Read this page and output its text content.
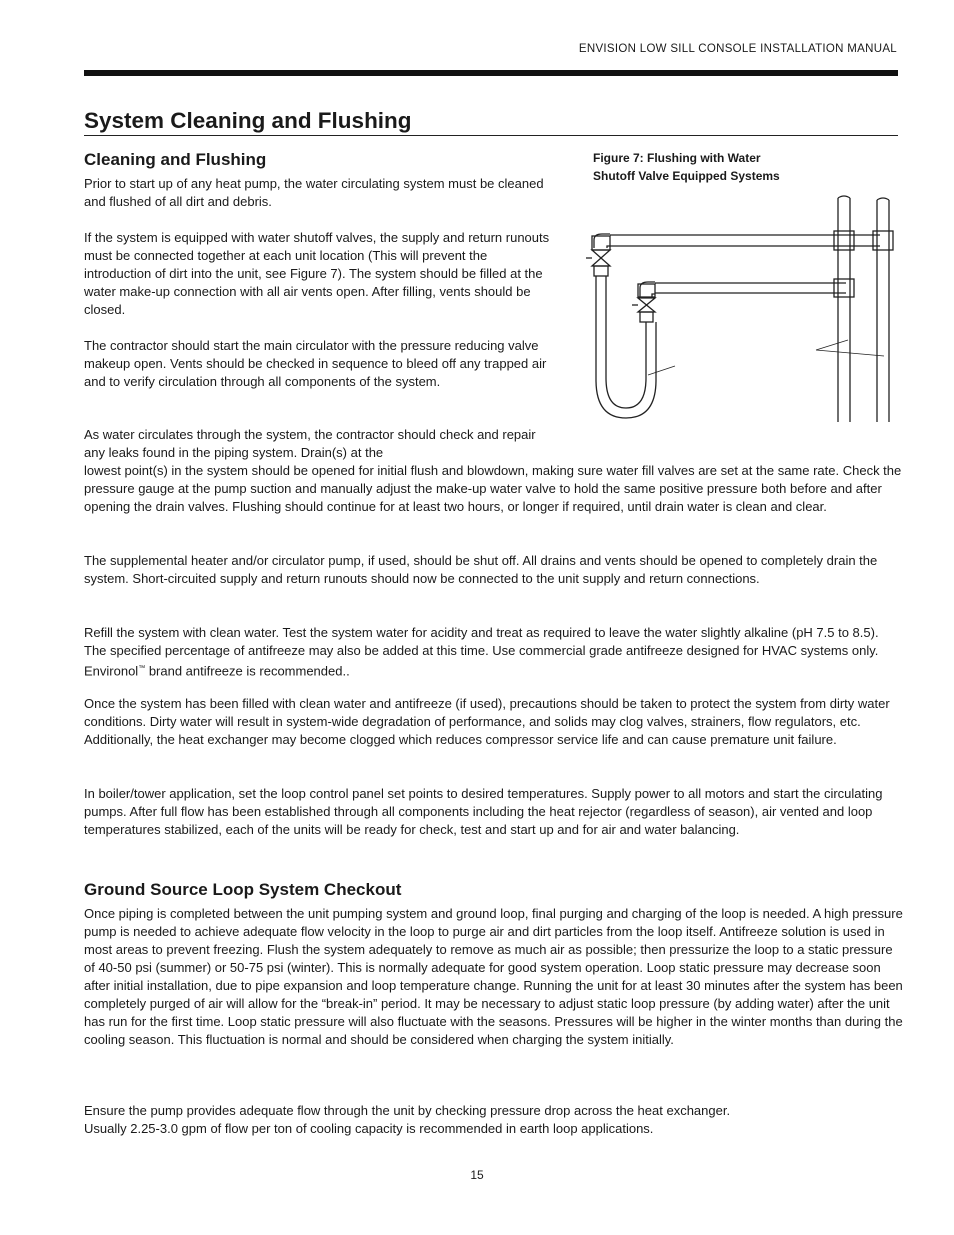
ENVISION LOW SILL CONSOLE INSTALLATION MANUAL
System Cleaning and Flushing
Cleaning and Flushing

Prior to start up of any heat pump, the water circulating system must be cleaned and flushed of all dirt and debris.

If the system is equipped with water shutoff valves, the supply and return runouts must be connected together at each unit location (This will prevent the introduction of dirt into the unit, see Figure 7). The system should be filled at the water make-up connection with all air vents open. After filling, vents should be closed.

The contractor should start the main circulator with the pressure reducing valve makeup open. Vents should be checked in sequence to bleed off any trapped air and to verify circulation through all components of the system.

As water circulates through the system, the contractor should check and repair any leaks found in the piping system. Drain(s) at the

lowest point(s) in the system should be opened for initial flush and blowdown, making sure water fill valves are set at the same rate. Check the pressure gauge at the pump suction and manually adjust the make-up water valve to hold the same positive pressure both before and after opening the drain valves. Flushing should continue for at least two hours, or longer if required, until drain water is clean and clear.

The supplemental heater and/or circulator pump, if used, should be shut off. All drains and vents should be opened to completely drain the system. Short-circuited supply and return runouts should now be connected to the unit supply and return connections.

Refill the system with clean water. Test the system water for acidity and treat as required to leave the water slightly alkaline (pH 7.5 to 8.5). The specified percentage of antifreeze may also be added at this time. Use commercial grade antifreeze designed for HVAC systems only. Environol™ brand antifreeze is recommended..

Once the system has been filled with clean water and antifreeze (if used), precautions should be taken to protect the system from dirty water conditions. Dirty water will result in system-wide degradation of performance, and solids may clog valves, strainers, flow regulators, etc. Additionally, the heat exchanger may become clogged which reduces compressor service life and can cause premature unit failure.

In boiler/tower application, set the loop control panel set points to desired temperatures. Supply power to all motors and start the circulating pumps. After full flow has been established through all components including the heat rejector (regardless of season), air vented and loop temperatures stabilized, each of the units will be ready for check, test and start up and for air and water balancing.

Figure 7: Flushing with Water
Shutoff Valve Equipped Systems
Ground Source Loop System Checkout

Once piping is completed between the unit pumping system and ground loop, final purging and charging of the loop is needed. A high pressure pump is needed to achieve adequate flow velocity in the loop to purge air and dirt particles from the loop itself. Antifreeze solution is used in most areas to prevent freezing. Flush the system adequately to remove as much air as possible; then pressurize the loop to a static pressure of 40-50 psi (summer) or 50-75 psi (winter). This is normally adequate for good system operation. Loop static pressure may decrease soon after initial installation, due to pipe expansion and loop temperature change. Running the unit for at least 30 minutes after the system has been completely purged of air will allow for the “break-in” period. It may be necessary to adjust static loop pressure (by adding water) after the unit has run for the first time. Loop static pressure will also fluctuate with the seasons. Pressures will be higher in the winter months than during the cooling season. This fluctuation is normal and should be considered when charging the system initially.

Ensure the pump provides adequate flow through the unit by checking pressure drop across the heat exchanger.
Usually 2.25-3.0 gpm of flow per ton of cooling capacity is recommended in earth loop applications.

15
